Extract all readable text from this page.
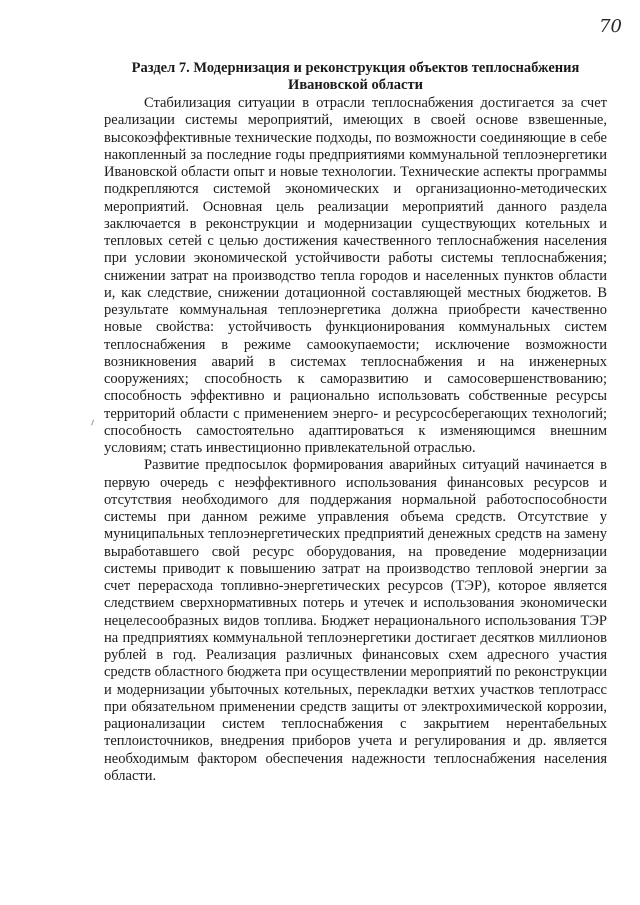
70
Раздел 7. Модернизация и реконструкция объектов теплоснабжения
Ивановской области

Стабилизация ситуации в отрасли теплоснабжения достигается за счет реализации системы мероприятий, имеющих в своей основе взвешенные, высокоэффективные технические подходы, по возможности соединяющие в себе накопленный за последние годы предприятиями коммунальной теплоэнергетики Ивановской области опыт и новые технологии. Технические аспекты программы подкрепляются системой экономических и организационно-методических мероприятий. Основная цель реализации мероприятий данного раздела заключается в реконструкции и модернизации существующих котельных и тепловых сетей с целью достижения качественного теплоснабжения населения при условии экономической устойчивости работы системы теплоснабжения; снижении затрат на производство тепла городов и населенных пунктов области и, как следствие, снижении дотационной составляющей местных бюджетов. В результате коммунальная теплоэнергетика должна приобрести качественно новые свойства: устойчивость функционирования коммунальных систем теплоснабжения в режиме самоокупаемости; исключение возможности возникновения аварий в системах теплоснабжения и на инженерных сооружениях; способность к саморазвитию и самосовершенствованию; способность эффективно и рационально использовать собственные ресурсы территорий области с применением энерго- и ресурсосберегающих технологий; способность самостоятельно адаптироваться к изменяющимся внешним условиям; стать инвестиционно привлекательной отраслью.

Развитие предпосылок формирования аварийных ситуаций начинается в первую очередь с неэффективного использования финансовых ресурсов и отсутствия необходимого для поддержания нормальной работоспособности системы при данном режиме управления объема средств. Отсутствие у муниципальных теплоэнергетических предприятий денежных средств на замену выработавшего свой ресурс оборудования, на проведение модернизации системы приводит к повышению затрат на производство тепловой энергии за счет перерасхода топливно-энергетических ресурсов (ТЭР), которое является следствием сверхнормативных потерь и утечек и использования экономически нецелесообразных видов топлива. Бюджет нерационального использования ТЭР на предприятиях коммунальной теплоэнергетики достигает десятков миллионов рублей в год. Реализация различных финансовых схем адресного участия средств областного бюджета при осуществлении мероприятий по реконструкции и модернизации убыточных котельных, перекладки ветхих участков теплотрасс при обязательном применении средств защиты от электрохимической коррозии, рационализации систем теплоснабжения с закрытием нерентабельных теплоисточников, внедрения приборов учета и регулирования и др. является необходимым фактором обеспечения надежности теплоснабжения населения области.
